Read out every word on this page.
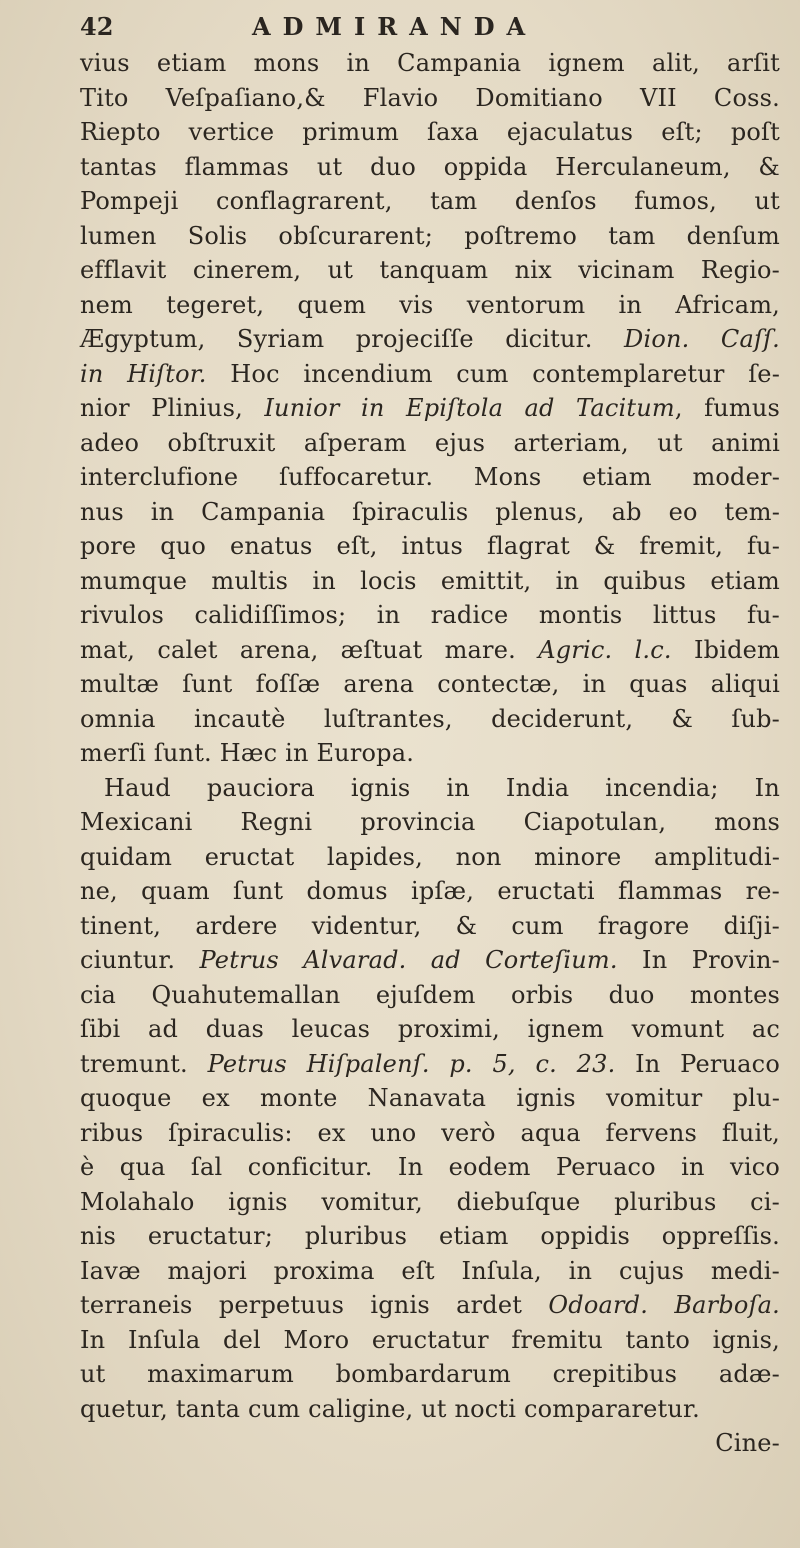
42	ADMIRANDA
vius etiam mons in Campania ignem alit, arſit
Tito Veſpaſiano,& Flavio Domitiano VII Coss.
Riepto vertice primum ſaxa ejaculatus eſt; poſt
tantas flammas ut duo oppida Herculaneum, &
Pompeji conflagrarent, tam denſos fumos, ut
lumen Solis obſcurarent; poſtremo tam denſum
efflavit cinerem, ut tanquam nix vicinam Regio-
nem tegeret, quem vis ventorum in Africam,
Ægyptum, Syriam projeciſſe dicitur. Dion. Caſſ.
in Hiſtor. Hoc incendium cum contemplaretur ſe-
nior Plinius, Iunior in Epiſtola ad Tacitum, fumus
adeo obſtruxit aſperam ejus arteriam, ut animi
interclufione ſuffocaretur. Mons etiam moder-
nus in Campania ſpiraculis plenus, ab eo tem-
pore quo enatus eſt, intus flagrat & fremit, fu-
mumque multis in locis emittit, in quibus etiam
rivulos calidiſſimos; in radice montis littus fu-
mat, calet arena, æſtuat mare. Agric. l.c. Ibidem
multæ ſunt foſſæ arena contectæ, in quas aliqui
omnia incautè luſtrantes, deciderunt, & ſub-
merſi ſunt. Hæc in Europa.
Haud pauciora ignis in India incendia; In
Mexicani Regni provincia Ciapotulan, mons
quidam eructat lapides, non minore amplitudi-
ne, quam ſunt domus ipſæ, eructati flammas re-
tinent, ardere videntur, & cum fragore diſji-
ciuntur. Petrus Alvarad. ad Corteſium. In Provin-
cia Quahutemallan ejuſdem orbis duo montes
ſibi ad duas leucas proximi, ignem vomunt ac
tremunt. Petrus Hiſpalenſ. p. 5, c. 23. In Peruaco
quoque ex monte Nanavata ignis vomitur plu-
ribus ſpiraculis: ex uno verò aqua fervens fluit,
è qua ſal conficitur. In eodem Peruaco in vico
Molahalo ignis vomitur, diebuſque pluribus ci-
nis eructatur; pluribus etiam oppidis oppreſſis.
Iavæ majori proxima eſt Inſula, in cujus medi-
terraneis perpetuus ignis ardet Odoard. Barboſa.
In Inſula del Moro eructatur fremitu tanto ignis,
ut maximarum bombardarum crepitibus adæ-
quetur, tanta cum caligine, ut nocti compararetur.
Cine-
